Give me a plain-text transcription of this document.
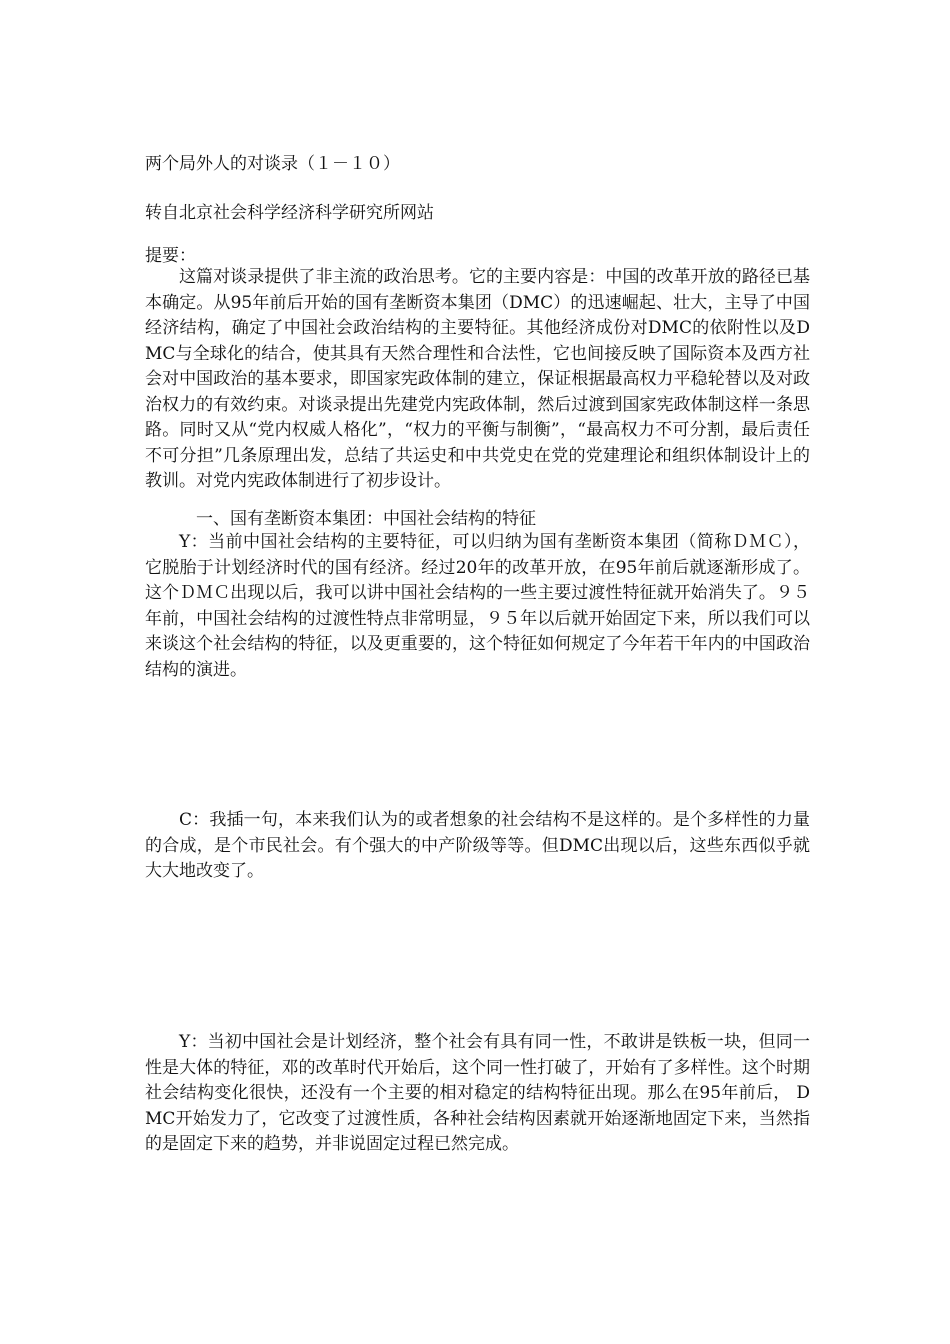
两个局外人的对谈录（１－１０）
转自北京社会科学经济科学研究所网站
提要：
这篇对谈录提供了非主流的政治思考。它的主要内容是：中国的改革开放的路径已基本确定。从95年前后开始的国有垄断资本集团（DMC）的迅速崛起、壮大，主导了中国经济结构，确定了中国社会政治结构的主要特征。其他经济成份对DMC的依附性以及DMC与全球化的结合，使其具有天然合理性和合法性，它也间接反映了国际资本及西方社会对中国政治的基本要求，即国家宪政体制的建立，保证根据最高权力平稳轮替以及对政治权力的有效约束。对谈录提出先建党内宪政体制，然后过渡到国家宪政体制这样一条思路。同时又从“党内权威人格化”，“权力的平衡与制衡”，“最高权力不可分割，最后责任不可分担”几条原理出发，总结了共运史和中共党史在党的党建理论和组织体制设计上的教训。对党内宪政体制进行了初步设计。
一、国有垄断资本集团：中国社会结构的特征
Y：当前中国社会结构的主要特征，可以归纳为国有垄断资本集团（简称ＤＭＣ），它脱胎于计划经济时代的国有经济。经过20年的改革开放，在95年前后就逐渐形成了。这个ＤＭＣ出现以后，我可以讲中国社会结构的一些主要过渡性特征就开始消失了。９５年前，中国社会结构的过渡性特点非常明显，９５年以后就开始固定下来，所以我们可以来谈这个社会结构的特征，以及更重要的，这个特征如何规定了今年若干年内的中国政治结构的演进。
C：我插一句，本来我们认为的或者想象的社会结构不是这样的。是个多样性的力量的合成，是个市民社会。有个强大的中产阶级等等。但DMC出现以后，这些东西似乎就大大地改变了。
Y：当初中国社会是计划经济，整个社会有具有同一性，不敢讲是铁板一块，但同一性是大体的特征，邓的改革时代开始后，这个同一性打破了，开始有了多样性。这个时期社会结构变化很快，还没有一个主要的相对稳定的结构特征出现。那么在95年前后， DMC开始发力了，它改变了过渡性质，各种社会结构因素就开始逐渐地固定下来，当然指的是固定下来的趋势，并非说固定过程已然完成。
